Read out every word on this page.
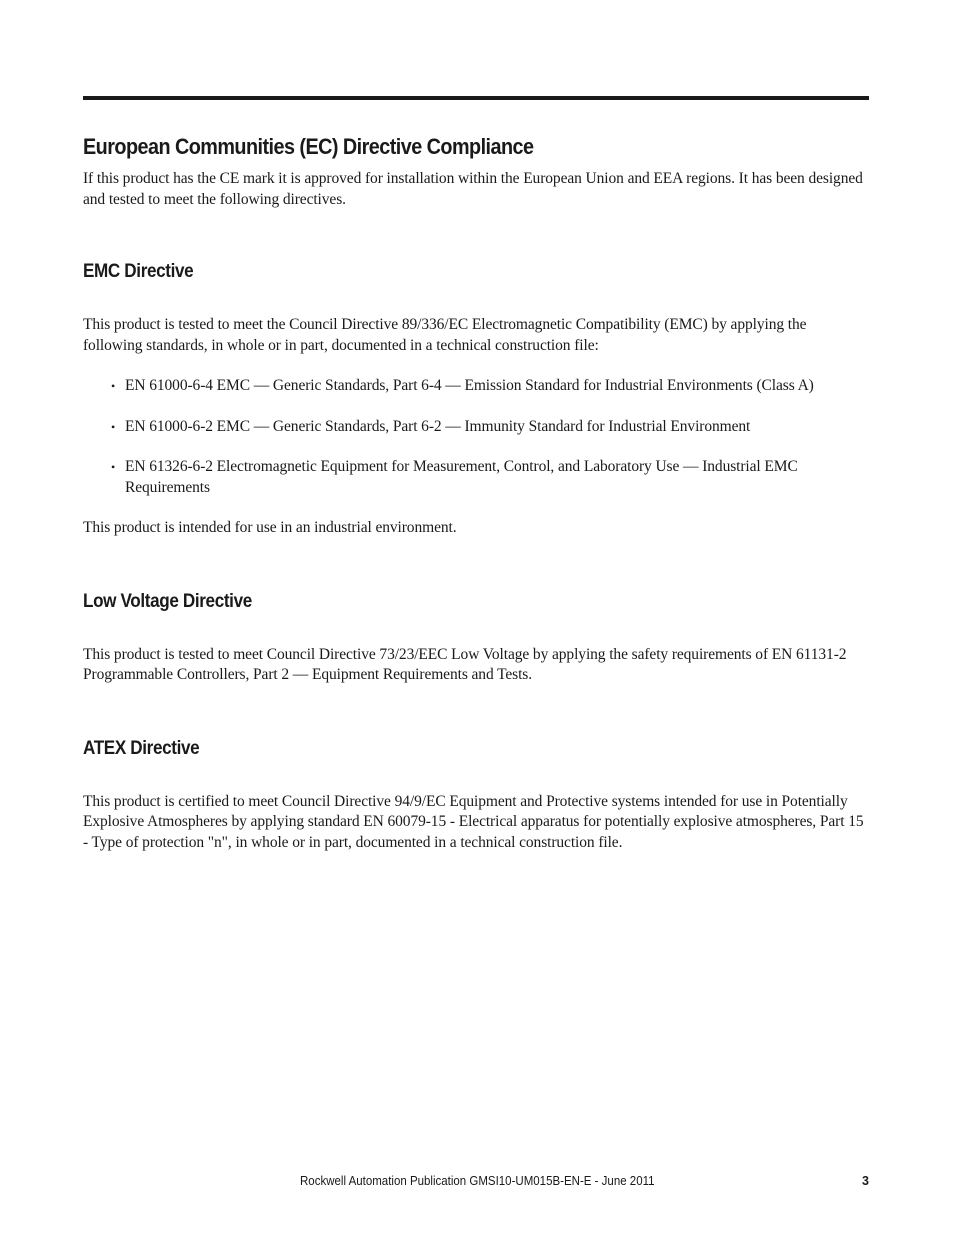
European Communities (EC) Directive Compliance

If this product has the CE mark it is approved for installation within the European Union and EEA regions. It has been designed and tested to meet the following directives.

EMC Directive

This product is tested to meet the Council Directive 89/336/EC Electromagnetic Compatibility (EMC) by applying the following standards, in whole or in part, documented in a technical construction file:

• EN 61000-6-4 EMC — Generic Standards, Part 6-4 — Emission Standard for Industrial Environments (Class A)
• EN 61000-6-2 EMC — Generic Standards, Part 6-2 — Immunity Standard for Industrial Environment
• EN 61326-6-2 Electromagnetic Equipment for Measurement, Control, and Laboratory Use — Industrial EMC Requirements

This product is intended for use in an industrial environment.

Low Voltage Directive

This product is tested to meet Council Directive 73/23/EEC Low Voltage by applying the safety requirements of EN 61131-2 Programmable Controllers, Part 2 — Equipment Requirements and Tests.

ATEX Directive

This product is certified to meet Council Directive 94/9/EC Equipment and Protective systems intended for use in Potentially Explosive Atmospheres by applying standard EN 60079-15 - Electrical apparatus for potentially explosive atmospheres, Part 15 - Type of protection "n", in whole or in part, documented in a technical construction file.

Rockwell Automation Publication GMSI10-UM015B-EN-E - June 2011	3
